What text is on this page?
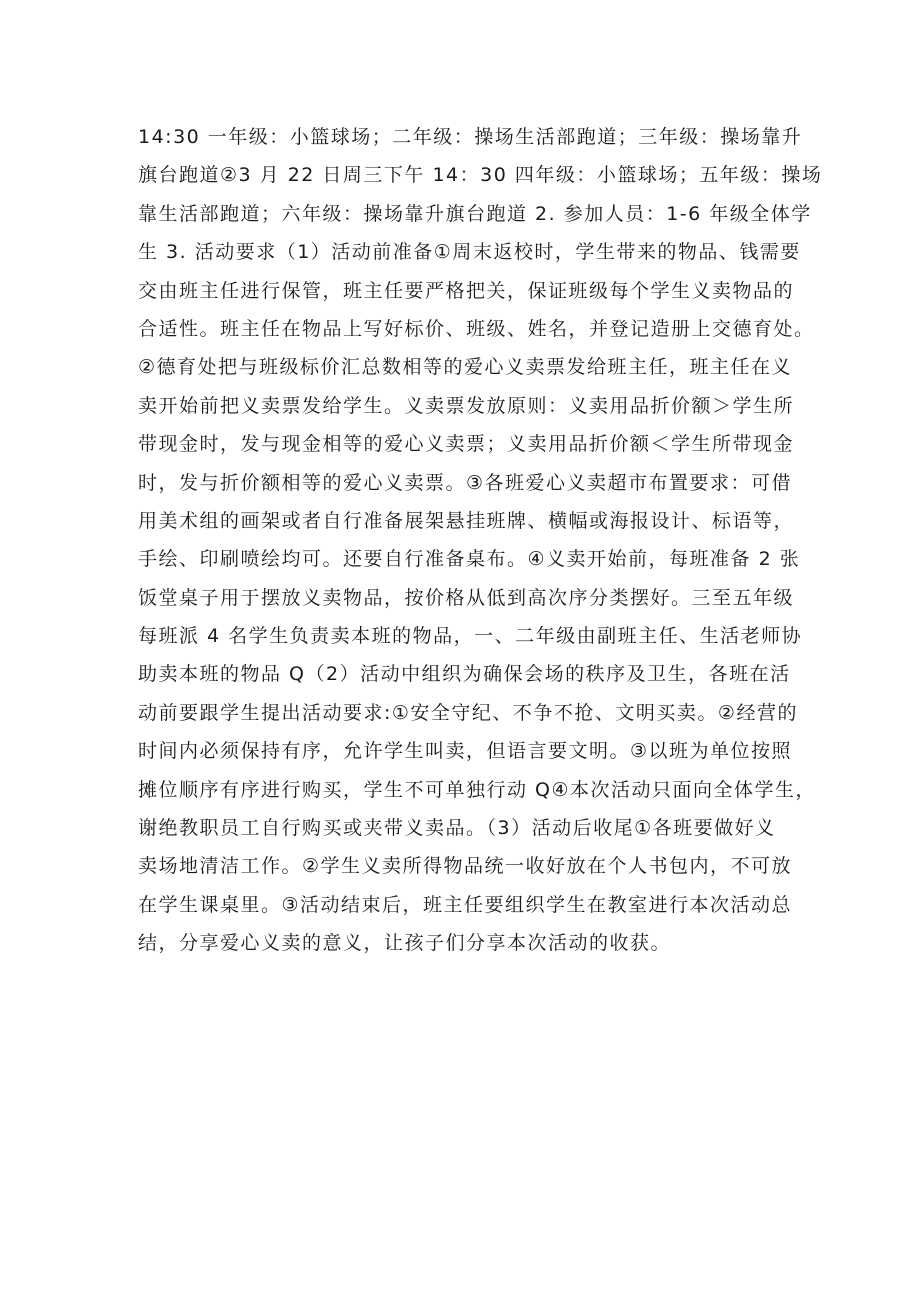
14:30 一年级：小篮球场；二年级：操场生活部跑道；三年级：操场靠升
旗台跑道②3 月 22 日周三下午 14：30 四年级：小篮球场；五年级：操场
靠生活部跑道；六年级：操场靠升旗台跑道 2. 参加人员：1-6 年级全体学
生 3. 活动要求（1）活动前准备①周末返校时，学生带来的物品、钱需要
交由班主任进行保管，班主任要严格把关，保证班级每个学生义卖物品的
合适性。班主任在物品上写好标价、班级、姓名，并登记造册上交德育处。
②德育处把与班级标价汇总数相等的爱心义卖票发给班主任，班主任在义
卖开始前把义卖票发给学生。义卖票发放原则：义卖用品折价额＞学生所
带现金时，发与现金相等的爱心义卖票；义卖用品折价额＜学生所带现金
时，发与折价额相等的爱心义卖票。③各班爱心义卖超市布置要求：可借
用美术组的画架或者自行准备展架悬挂班牌、横幅或海报设计、标语等，
手绘、印刷喷绘均可。还要自行准备桌布。④义卖开始前，每班准备 2 张
饭堂桌子用于摆放义卖物品，按价格从低到高次序分类摆好。三至五年级
每班派 4 名学生负责卖本班的物品，一、二年级由副班主任、生活老师协
助卖本班的物品 Q（2）活动中组织为确保会场的秩序及卫生，各班在活
动前要跟学生提出活动要求:①安全守纪、不争不抢、文明买卖。②经营的
时间内必须保持有序，允许学生叫卖，但语言要文明。③以班为单位按照
摊位顺序有序进行购买，学生不可单独行动 Q④本次活动只面向全体学生，
谢绝教职员工自行购买或夹带义卖品。（3）活动后收尾①各班要做好义
卖场地清洁工作。②学生义卖所得物品统一收好放在个人书包内，不可放
在学生课桌里。③活动结束后，班主任要组织学生在教室进行本次活动总
结，分享爱心义卖的意义，让孩子们分享本次活动的收获。
